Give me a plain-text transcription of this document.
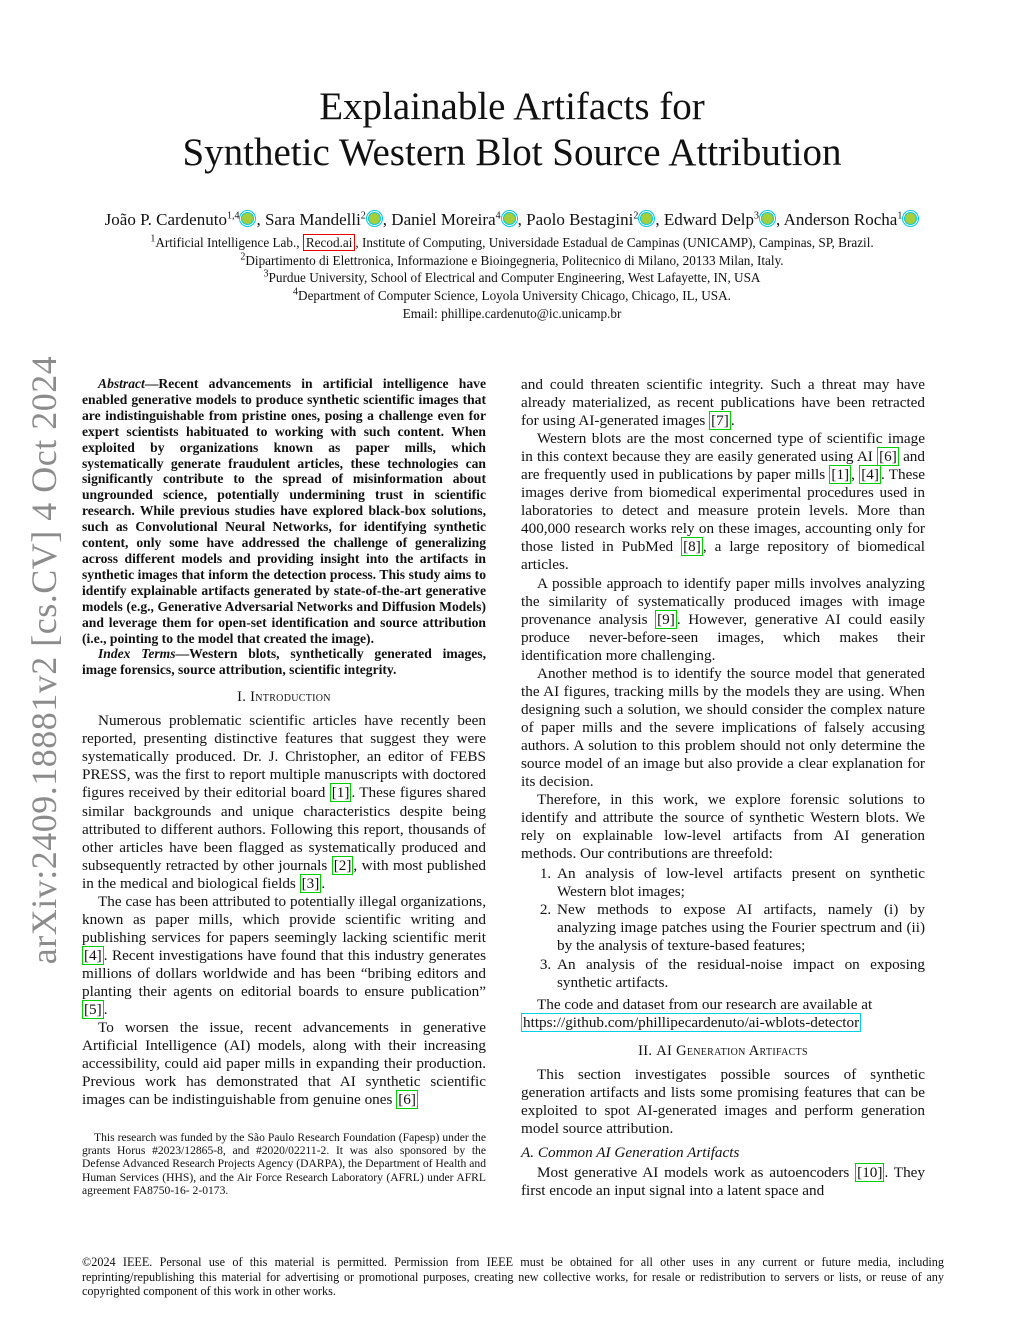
arXiv:2409.18881v2 [cs.CV] 4 Oct 2024
Explainable Artifacts for
Synthetic Western Blot Source Attribution
João P. Cardenuto$^{1,4}$ , Sara Mandelli$^2$ , Daniel Moreira$^4$ , Paolo Bestagini$^2$ , Edward Delp$^3$ , Anderson Rocha$^1$
$^1$Artificial Intelligence Lab., Recod.ai , Institute of Computing, Universidade Estadual de Campinas (UNICAMP), Campinas, SP, Brazil.
$^2$Dipartimento di Elettronica, Informazione e Bioingegneria, Politecnico di Milano, 20133 Milan, Italy.
$^3$Purdue University, School of Electrical and Computer Engineering, West Lafayette, IN, USA
$^4$Department of Computer Science, Loyola University Chicago, Chicago, IL, USA.
Email: phillipe.cardenuto@ic.unicamp.br

Abstract—Recent advancements in artificial intelligence have enabled generative models to produce synthetic scientific images that are indistinguishable from pristine ones, posing a challenge even for expert scientists habituated to working with such content. When exploited by organizations known as paper mills, which systematically generate fraudulent articles, these technologies can significantly contribute to the spread of misinformation about ungrounded science, potentially undermining trust in scientific research. While previous studies have explored black-box solutions, such as Convolutional Neural Networks, for identifying synthetic content, only some have addressed the challenge of generalizing across different models and providing insight into the artifacts in synthetic images that inform the detection process. This study aims to identify explainable artifacts generated by state-of-the-art generative models (e.g., Generative Adversarial Networks and Diffusion Models) and leverage them for open-set identification and source attribution (i.e., pointing to the model that created the image).

Index Terms—Western blots, synthetically generated images, image forensics, source attribution, scientific integrity.

I. Introduction

Numerous problematic scientific articles have recently been reported, presenting distinctive features that suggest they were systematically produced. Dr. J. Christopher, an editor of FEBS PRESS, was the first to report multiple manuscripts with doctored figures received by their editorial board [1] . These figures shared similar backgrounds and unique characteristics despite being attributed to different authors. Following this report, thousands of other articles have been flagged as systematically produced and subsequently retracted by other journals [2] , with most published in the medical and biological fields [3] .

The case has been attributed to potentially illegal organizations, known as paper mills, which provide scientific writing and publishing services for papers seemingly lacking scientific merit [4] . Recent investigations have found that this industry generates millions of dollars worldwide and has been “bribing editors and planting their agents on editorial boards to ensure publication” [5] .

To worsen the issue, recent advancements in generative Artificial Intelligence (AI) models, along with their increasing accessibility, could aid paper mills in expanding their production. Previous work has demonstrated that AI synthetic scientific images can be indistinguishable from genuine ones [6]

This research was funded by the São Paulo Research Foundation (Fapesp) under the grants Horus #2023/12865-8, and #2020/02211-2. It was also sponsored by the Defense Advanced Research Projects Agency (DARPA), the Department of Health and Human Services (HHS), and the Air Force Research Laboratory (AFRL) under AFRL agreement FA8750-16- 2-0173.

and could threaten scientific integrity. Such a threat may have already materialized, as recent publications have been retracted for using AI-generated images [7] .

Western blots are the most concerned type of scientific image in this context because they are easily generated using AI [6] and are frequently used in publications by paper mills [1] , [4] . These images derive from biomedical experimental procedures used in laboratories to detect and measure protein levels. More than 400,000 research works rely on these images, accounting only for those listed in PubMed [8] , a large repository of biomedical articles.

A possible approach to identify paper mills involves analyzing the similarity of systematically produced images with image provenance analysis [9] . However, generative AI could easily produce never-before-seen images, which makes their identification more challenging.

Another method is to identify the source model that generated the AI figures, tracking mills by the models they are using. When designing such a solution, we should consider the complex nature of paper mills and the severe implications of falsely accusing authors. A solution to this problem should not only determine the source model of an image but also provide a clear explanation for its decision.

Therefore, in this work, we explore forensic solutions to identify and attribute the source of synthetic Western blots. We rely on explainable low-level artifacts from AI generation methods. Our contributions are threefold:

1. An analysis of low-level artifacts present on synthetic Western blot images;
2. New methods to expose AI artifacts, namely (i) by analyzing image patches using the Fourier spectrum and (ii) by the analysis of texture-based features;
3. An analysis of the residual-noise impact on exposing synthetic artifacts.

The code and dataset from our research are available at

https://github.com/phillipecardenuto/ai-wblots-detector

II. AI Generation Artifacts

This section investigates possible sources of synthetic generation artifacts and lists some promising features that can be exploited to spot AI-generated images and perform generation model source attribution.

A. Common AI Generation Artifacts

Most generative AI models work as autoencoders [10] . They first encode an input signal into a latent space and

©2024 IEEE. Personal use of this material is permitted. Permission from IEEE must be obtained for all other uses in any current or future media, including reprinting/republishing this material for advertising or promotional purposes, creating new collective works, for resale or redistribution to servers or lists, or reuse of any copyrighted component of this work in other works.
